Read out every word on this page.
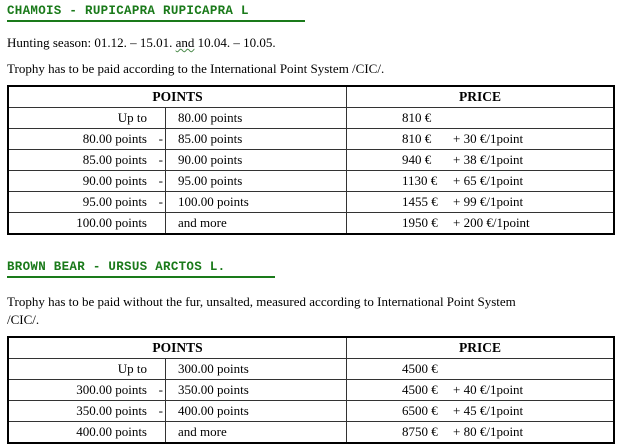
CHAMOIS - RUPICAPRA RUPICAPRA L
Hunting season: 01.12. – 15.01. and 10.04. – 10.05.
Trophy has to be paid according to the International Point System /CIC/.
POINTS		PRICE

Up to	80.00 points	810 €

80.00 points -	85.00 points	810 € + 30 €/1point

85.00 points -	90.00 points	940 € + 38 €/1point

90.00 points -	95.00 points	1130 € + 65 €/1point

95.00 points -	100.00 points	1455 € + 99 €/1point

100.00 points	and more	1950 € + 200 €/1point
BROWN BEAR - URSUS ARCTOS L.
Trophy has to be paid without the fur, unsalted, measured according to International Point System
/CIC/.
POINTS		PRICE

Up to	300.00 points	4500 €

300.00 points -	350.00 points	4500 € + 40 €/1point

350.00 points -	400.00 points	6500 € + 45 €/1point

400.00 points	and more	8750 € + 80 €/1point
